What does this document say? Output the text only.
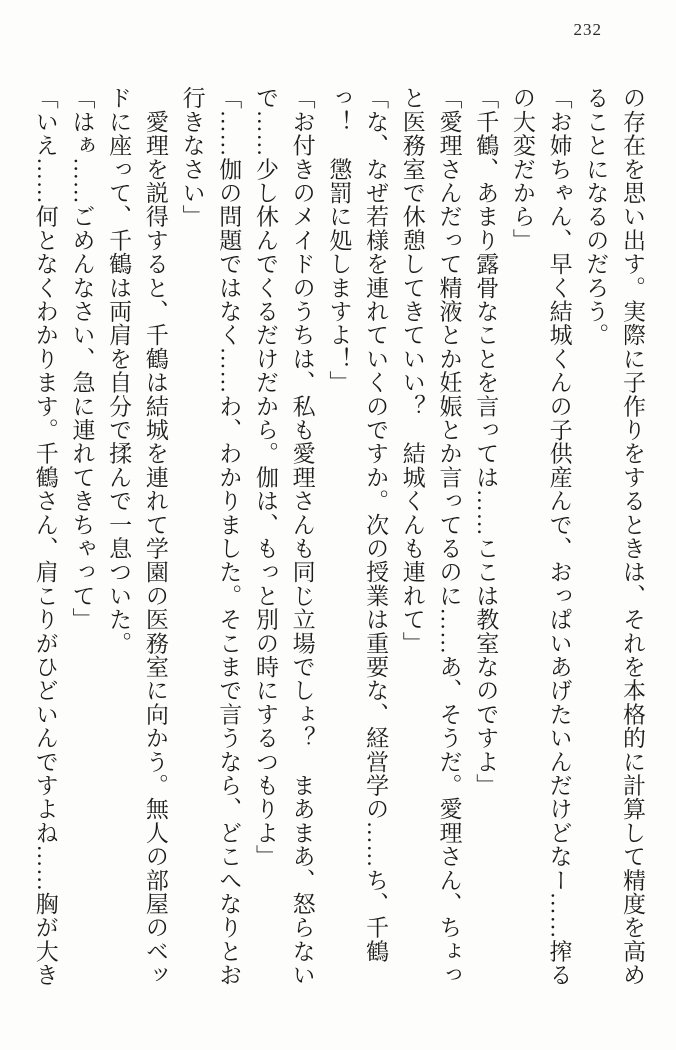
232
の存在を思い出す。実際に子作りをするときは、それを本格的に計算して精度を高め
ることになるのだろう。
「お姉ちゃん、早く結城くんの子供産んで、おっぱいあげたいんだけどなー……搾る
の大変だから」
「千鶴、あまり露骨なことを言っては……ここは教室なのですよ」
「愛理さんだって精液とか妊娠とか言ってるのに……あ、そうだ。愛理さん、ちょっ
と医務室で休憩してきていい？　結城くんも連れて」
「な、なぜ若様を連れていくのですか。次の授業は重要な、経営学の……ち、千鶴
っ！　懲罰に処しますよ！」
「お付きのメイドのうちは、私も愛理さんも同じ立場でしょ？　まあまあ、怒らない
で……少し休んでくるだけだから。伽は、もっと別の時にするつもりよ」
「……伽の問題ではなく……わ、わかりました。そこまで言うなら、どこへなりとお
行きなさい」
　愛理を説得すると、千鶴は結城を連れて学園の医務室に向かう。無人の部屋のベッ
ドに座って、千鶴は両肩を自分で揉んで一息ついた。
「はぁ……ごめんなさい、急に連れてきちゃって」
「いえ……何となくわかります。千鶴さん、肩こりがひどいんですよね……胸が大き
